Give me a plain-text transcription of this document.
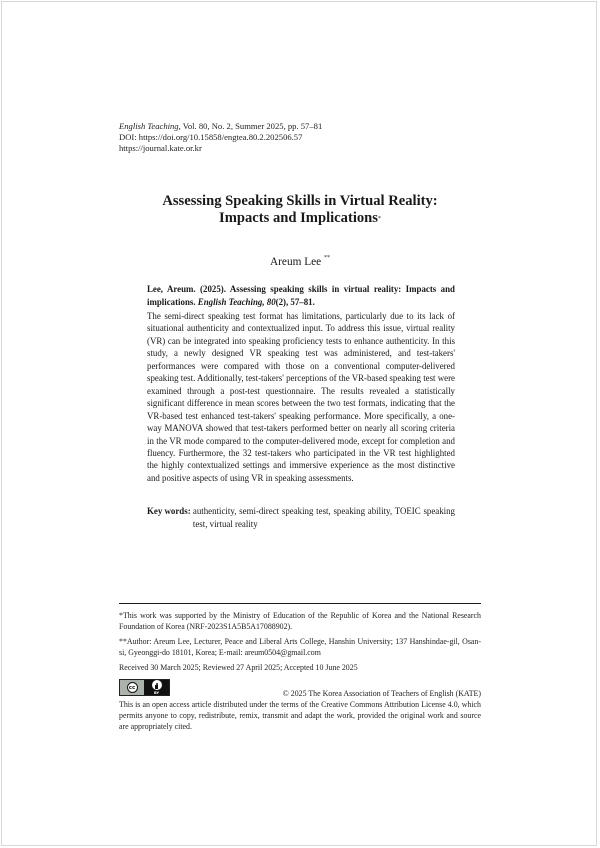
English Teaching, Vol. 80, No. 2, Summer 2025, pp. 57–81
DOI: https://doi.org/10.15858/engtea.80.2.202506.57
https://journal.kate.or.kr
Assessing Speaking Skills in Virtual Reality:
Impacts and Implications*
Areum Lee **
Lee, Areum. (2025). Assessing speaking skills in virtual reality: Impacts and implications. English Teaching, 80(2), 57–81.
The semi-direct speaking test format has limitations, particularly due to its lack of situational authenticity and contextualized input. To address this issue, virtual reality (VR) can be integrated into speaking proficiency tests to enhance authenticity. In this study, a newly designed VR speaking test was administered, and test-takers' performances were compared with those on a conventional computer-delivered speaking test. Additionally, test-takers' perceptions of the VR-based speaking test were examined through a post-test questionnaire. The results revealed a statistically significant difference in mean scores between the two test formats, indicating that the VR-based test enhanced test-takers' speaking performance. More specifically, a one-way MANOVA showed that test-takers performed better on nearly all scoring criteria in the VR mode compared to the computer-delivered mode, except for completion and fluency. Furthermore, the 32 test-takers who participated in the VR test highlighted the highly contextualized settings and immersive experience as the most distinctive and positive aspects of using VR in speaking assessments.
Key words: authenticity, semi-direct speaking test, speaking ability, TOEIC speaking test, virtual reality

*This work was supported by the Ministry of Education of the Republic of Korea and the National Research Foundation of Korea (NRF-2023S1A5B5A17088902).

**Author: Areum Lee, Lecturer, Peace and Liberal Arts College, Hanshin University; 137 Hanshindae-gil, Osan-si, Gyeonggi-do 18101, Korea; E-mail: areum0504@gmail.com

Received 30 March 2025; Reviewed 27 April 2025; Accepted 10 June 2025

cc
BY	© 2025 The Korea Association of Teachers of English (KATE)
This is an open access article distributed under the terms of the Creative Commons Attribution License 4.0, which permits anyone to copy, redistribute, remix, transmit and adapt the work, provided the original work and source are appropriately cited.
